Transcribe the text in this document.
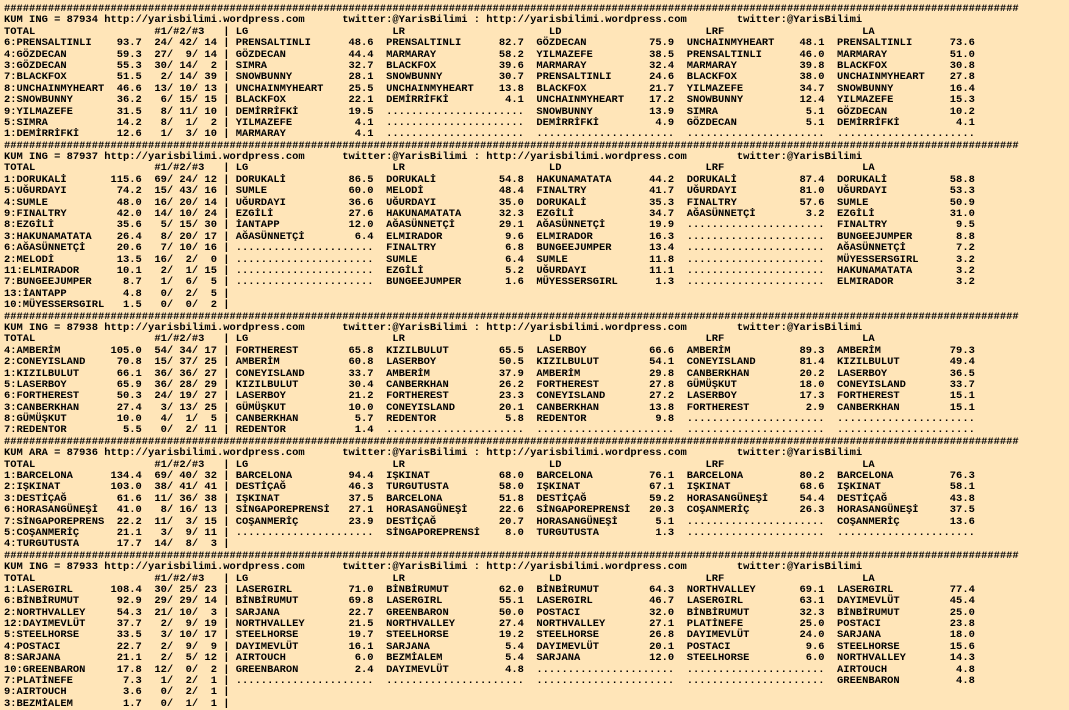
##################################################################################################################################################################
KUM ING = 87934 http://yarisbilimi.wordpress.com      twitter:@YarisBilimi : http://yarisbilimi.wordpress.com        twitter:@YarisBilimi
TOTAL                   #1/#2/#3   | LG                       LR                       LD                       LRF                      LA
6:PRENSALTINLI    93.7  24/ 42/ 14 | PRENSALTINLI      48.6  PRENSALTINLI      82.7  GÖZDECAN          75.9  UNCHAINMYHEART    48.1  PRENSALTINLI      73.6
4:GÖZDECAN        59.3  27/  9/ 14 | GÖZDECAN          44.4  MARMARAY          58.2  YILMAZEFE         38.5  PRENSALTINLI      46.0  MARMARAY          51.0
3:GÖZDECAN        55.3  30/ 14/  2 | SIMRA             32.7  BLACKFOX          39.6  MARMARAY          32.4  MARMARAY          39.8  BLACKFOX          30.8
7:BLACKFOX        51.5   2/ 14/ 39 | SNOWBUNNY         28.1  SNOWBUNNY         30.7  PRENSALTINLI      24.6  BLACKFOX          38.0  UNCHAINMYHEART    27.8
8:UNCHAINMYHEART  46.6  13/ 10/ 13 | UNCHAINMYHEART    25.5  UNCHAINMYHEART    13.8  BLACKFOX          21.7  YILMAZEFE         34.7  SNOWBUNNY         16.4
2:SNOWBUNNY       36.2   6/ 15/ 15 | BLACKFOX          22.1  DEMİRRİFKİ         4.1  UNCHAINMYHEART    17.2  SNOWBUNNY         12.4  YILMAZEFE         15.3
9:YILMAZEFE       31.5   8/ 11/ 10 | DEMİRRİFKİ        19.5  ......................  SNOWBUNNY         13.9  SIMRA              5.1  GÖZDECAN          10.2
5:SIMRA           14.2   8/  1/  2 | YILMAZEFE          4.1  ......................  DEMİRRİFKİ         4.9  GÖZDECAN           5.1  DEMİRRİFKİ         4.1
1:DEMİRRİFKİ      12.6   1/  3/ 10 | MARMARAY           4.1  ......................  ......................  ......................  ......................
##################################################################################################################################################################
KUM ING = 87937 http://yarisbilimi.wordpress.com      twitter:@YarisBilimi : http://yarisbilimi.wordpress.com        twitter:@YarisBilimi
TOTAL                   #1/#2/#3   | LG                       LR                       LD                       LRF                      LA
1:DORUKALİ       115.6  69/ 24/ 12 | DORUKALİ          86.5  DORUKALİ          54.8  HAKUNAMATATA      44.2  DORUKALİ          87.4  DORUKALİ          58.8
5:UĞURDAYI        74.2  15/ 43/ 16 | SUMLE             60.0  MELODİ            48.4  FINALTRY          41.7  UĞURDAYI          81.0  UĞURDAYI          53.3
4:SUMLE           48.0  16/ 20/ 14 | UĞURDAYI          36.6  UĞURDAYI          35.0  DORUKALİ          35.3  FINALTRY          57.6  SUMLE             50.9
9:FINALTRY        42.0  14/ 10/ 24 | EZGİLİ            27.6  HAKUNAMATATA      32.3  EZGİLİ            34.7  AĞASÜNNETÇİ        3.2  EZGİLİ            31.0
8:EZGİLİ          35.6   5/ 15/ 30 | İANTAPP           12.0  AĞASÜNNETÇİ       29.1  AĞASÜNNETÇİ       19.9  ......................  FINALTRY           9.5
3:HAKUNAMATATA    26.4   8/ 20/ 17 | AĞASÜNNETÇİ        6.4  ELMIRADOR          9.6  ELMIRADOR         16.3  ......................  BUNGEEJUMPER       8.8
6:AĞASÜNNETÇİ     20.6   7/ 10/ 16 | ......................  FINALTRY           6.8  BUNGEEJUMPER      13.4  ......................  AĞASÜNNETÇİ        7.2
2:MELODİ          13.5  16/  2/  0 | ......................  SUMLE              6.4  SUMLE             11.8  ......................  MÜYESSERSGIRL      3.2
11:ELMIRADOR      10.1   2/  1/ 15 | ......................  EZGİLİ             5.2  UĞURDAYI          11.1  ......................  HAKUNAMATATA       3.2
7:BUNGEEJUMPER     8.7   1/  6/  5 | ......................  BUNGEEJUMPER       1.6  MÜYESSERSGIRL      1.3  ......................  ELMIRADOR          3.2
13:İANTAPP         4.8   0/  2/  5 |
10:MÜYESSERSGIRL   1.5   0/  0/  2 |
##################################################################################################################################################################
KUM ING = 87938 http://yarisbilimi.wordpress.com      twitter:@YarisBilimi : http://yarisbilimi.wordpress.com        twitter:@YarisBilimi
TOTAL                   #1/#2/#3   | LG                       LR                       LD                       LRF                      LA
4:AMBERİM        105.0  54/ 34/ 17 | FORTHEREST        65.8  KIZILBULUT        65.5  LASERBOY          66.6  AMBERİM           89.3  AMBERİM           79.3
2:CONEYISLAND     70.8  15/ 37/ 25 | AMBERİM           60.8  LASERBOY          50.5  KIZILBULUT        54.1  CONEYISLAND       81.4  KIZILBULUT        49.4
1:KIZILBULUT      66.1  36/ 36/ 27 | CONEYISLAND       33.7  AMBERİM           37.9  AMBERİM           29.8  CANBERKHAN        20.2  LASERBOY          36.5
5:LASERBOY        65.9  36/ 28/ 29 | KIZILBULUT        30.4  CANBERKHAN        26.2  FORTHEREST        27.8  GÜMÜŞKUT          18.0  CONEYISLAND       33.7
6:FORTHEREST      50.3  24/ 19/ 27 | LASERBOY          21.2  FORTHEREST        23.3  CONEYISLAND       27.2  LASERBOY          17.3  FORTHEREST        15.1
3:CANBERKHAN      27.4   3/ 13/ 25 | GÜMÜŞKUT          10.0  CONEYISLAND       20.1  CANBERKHAN        13.8  FORTHEREST         2.9  CANBERKHAN        15.1
8:GÜMÜŞKUT        10.0   4/  1/  5 | CANBERKHAN         5.7  REDENTOR           5.8  REDENTOR           9.8  ......................  ......................
7:REDENTOR         5.5   0/  2/ 11 | REDENTOR           1.4  ......................  ......................  ......................  ......................
##################################################################################################################################################################
KUM ARA = 87936 http://yarisbilimi.wordpress.com      twitter:@YarisBilimi : http://yarisbilimi.wordpress.com        twitter:@YarisBilimi
TOTAL                   #1/#2/#3   | LG                       LR                       LD                       LRF                      LA
1:BARCELONA      134.4  69/ 40/ 32 | BARCELONA         94.4  IŞKINAT           68.0  BARCELONA         76.1  BARCELONA         80.2  BARCELONA         76.3
2:IŞKINAT        103.0  38/ 41/ 41 | DESTİÇAĞ          46.3  TURGUTUSTA        58.0  IŞKINAT           67.1  IŞKINAT           68.6  IŞKINAT           58.1
3:DESTİÇAĞ        61.6  11/ 36/ 38 | IŞKINAT           37.5  BARCELONA         51.8  DESTİÇAĞ          59.2  HORASANGÜNEŞİ     54.4  DESTİÇAĞ          43.8
6:HORASANGÜNEŞİ   41.0   8/ 16/ 13 | SİNGAPOREPRENSİ   27.1  HORASANGÜNEŞİ     22.6  SİNGAPOREPRENSİ   20.3  COŞANMERİÇ        26.3  HORASANGÜNEŞİ     37.5
7:SİNGAPOREPRENS  22.2  11/  3/ 15 | COŞANMERİÇ        23.9  DESTİÇAĞ          20.7  HORASANGÜNEŞİ      5.1  ......................  COŞANMERİÇ        13.6
5:COŞANMERİÇ      21.1   3/  9/ 11 | ......................  SİNGAPOREPRENSİ    8.0  TURGUTUSTA         1.3  ......................  ......................
4:TURGUTUSTA      17.7  14/  8/  3 |
##################################################################################################################################################################
KUM ING = 87933 http://yarisbilimi.wordpress.com      twitter:@YarisBilimi : http://yarisbilimi.wordpress.com        twitter:@YarisBilimi
TOTAL                   #1/#2/#3   | LG                       LR                       LD                       LRF                      LA
1:LASERGIRL      108.4  30/ 25/ 23 | LASERGIRL         71.0  BİNBİRUMUT        62.0  BİNBİRUMUT        64.3  NORTHVALLEY       69.1  LASERGIRL         77.4
6:BİNBİRUMUT      92.9  29/ 29/ 14 | BİNBİRUMUT        69.8  LASERGIRL         55.1  LASERGIRL         46.7  LASERGIRL         63.1  DAYIMEVLÜT        45.4
2:NORTHVALLEY     54.3  21/ 10/  3 | SARJANA           22.7  GREENBARON        50.0  POSTACI           32.0  BİNBİRUMUT        32.3  BİNBİRUMUT        25.0
12:DAYIMEVLÜT     37.7   2/  9/ 19 | NORTHVALLEY       21.5  NORTHVALLEY       27.4  NORTHVALLEY       27.1  PLATİNEFE         25.0  POSTACI           23.8
5:STEELHORSE      33.5   3/ 10/ 17 | STEELHORSE        19.7  STEELHORSE        19.2  STEELHORSE        26.8  DAYIMEVLÜT        24.0  SARJANA           18.0
4:POSTACI         22.7   2/  9/  9 | DAYIMEVLÜT        16.1  SARJANA            5.4  DAYIMEVLÜT        20.1  POSTACI            9.6  STEELHORSE        15.6
8:SARJANA         21.1   2/  5/ 12 | AIRTOUCH           6.0  BEZMİALEM          5.4  SARJANA           12.0  STEELHORSE         6.0  NORTHVALLEY       14.3
10:GREENBARON     17.8  12/  0/  2 | GREENBARON         2.4  DAYIMEVLÜT         4.8  ......................  ......................  AIRTOUCH           4.8
7:PLATİNEFE        7.3   1/  2/  1 | ......................  ......................  ......................  ......................  GREENBARON         4.8
9:AIRTOUCH         3.6   0/  2/  1 |
3:BEZMİALEM        1.7   0/  1/  1 |
